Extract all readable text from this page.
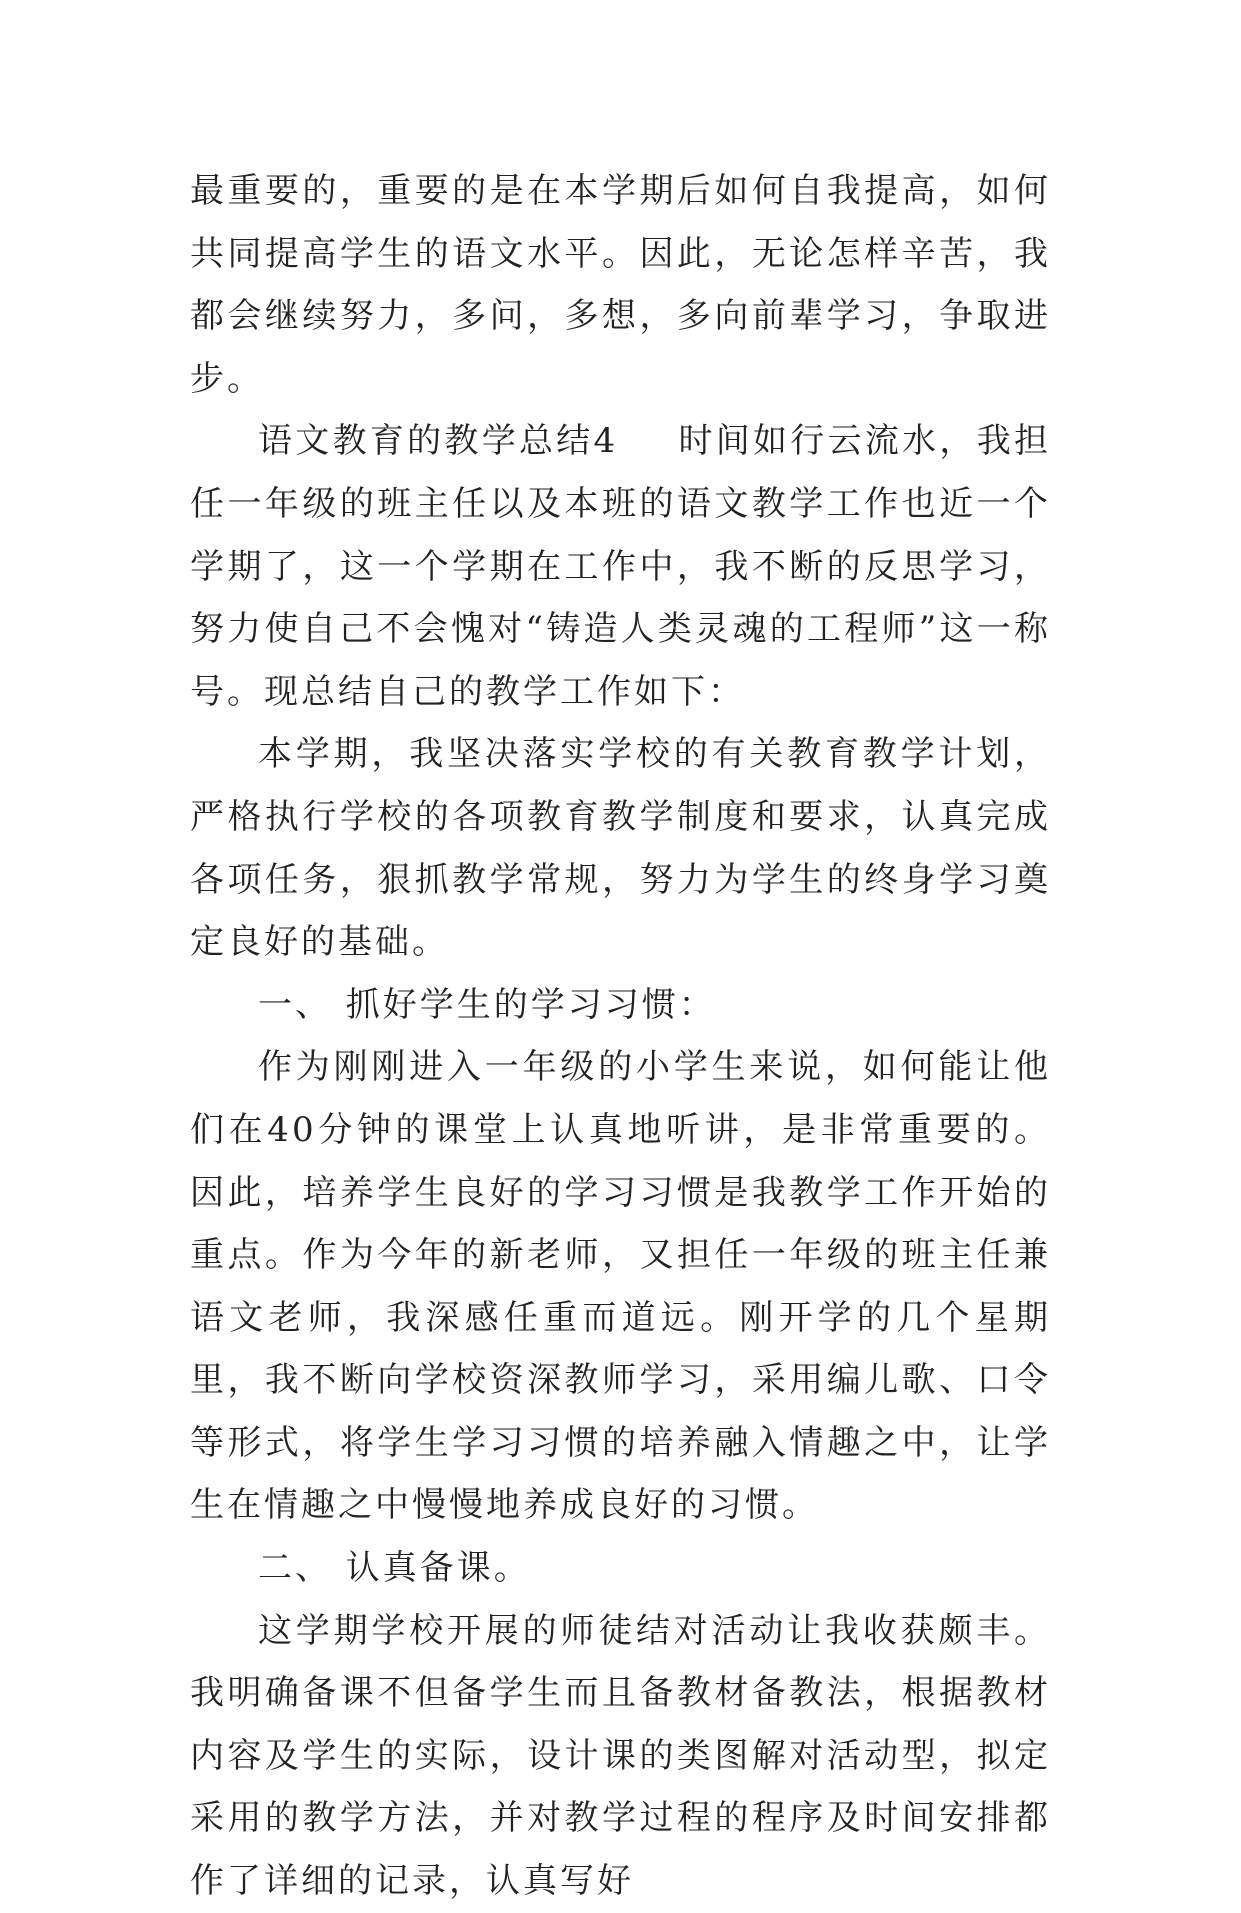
最重要的，重要的是在本学期后如何自我提高，如何共同提高学生的语文水平。因此，无论怎样辛苦，我都会继续努力，多问，多想，多向前辈学习，争取进步。

语文教育的教学总结4 时间如行云流水，我担任一年级的班主任以及本班的语文教学工作也近一个学期了，这一个学期在工作中，我不断的反思学习，努力使自己不会愧对“铸造人类灵魂的工程师”这一称号。现总结自己的教学工作如下：

本学期，我坚决落实学校的有关教育教学计划，严格执行学校的各项教育教学制度和要求，认真完成各项任务，狠抓教学常规，努力为学生的终身学习奠定良好的基础。

一、 抓好学生的学习习惯：

作为刚刚进入一年级的小学生来说，如何能让他们在40分钟的课堂上认真地听讲，是非常重要的。因此，培养学生良好的学习习惯是我教学工作开始的重点。作为今年的新老师，又担任一年级的班主任兼语文老师，我深感任重而道远。刚开学的几个星期里，我不断向学校资深教师学习，采用编儿歌、口令等形式，将学生学习习惯的培养融入情趣之中，让学生在情趣之中慢慢地养成良好的习惯。

二、 认真备课。

这学期学校开展的师徒结对活动让我收获颇丰。我明确备课不但备学生而且备教材备教法，根据教材内容及学生的实际，设计课的类图解对活动型，拟定采用的教学方法，并对教学过程的程序及时间安排都作了详细的记录，认真写好
